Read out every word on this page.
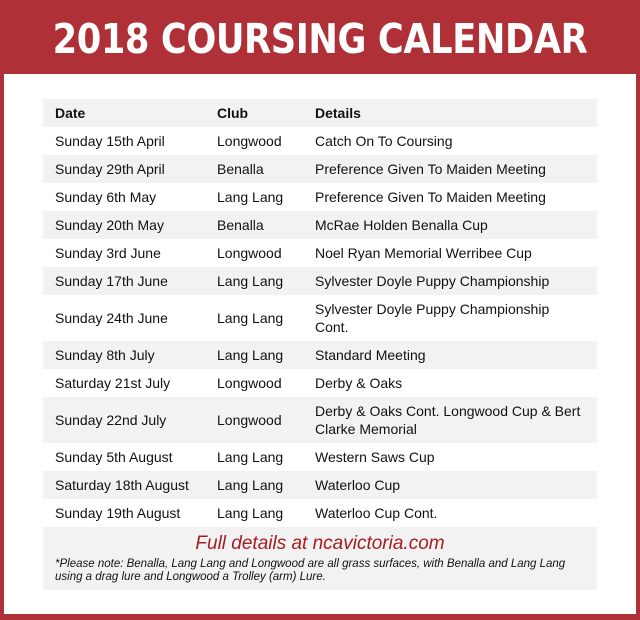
2018 COURSING CALENDAR
Date	Club	Details
Sunday 15th April	Longwood	Catch On To Coursing
Sunday 29th April	Benalla	Preference Given To Maiden Meeting
Sunday 6th May	Lang Lang	Preference Given To Maiden Meeting
Sunday 20th May	Benalla	McRae Holden Benalla Cup
Sunday 3rd June	Longwood	Noel Ryan Memorial Werribee Cup
Sunday 17th June	Lang Lang	Sylvester Doyle Puppy Championship
Sunday 24th June	Lang Lang	Sylvester Doyle Puppy Championship Cont.
Sunday 8th July	Lang Lang	Standard Meeting
Saturday 21st July	Longwood	Derby & Oaks
Sunday 22nd July	Longwood	Derby & Oaks Cont. Longwood Cup & Bert Clarke Memorial
Sunday 5th August	Lang Lang	Western Saws Cup
Saturday 18th August	Lang Lang	Waterloo Cup
Sunday 19th August	Lang Lang	Waterloo Cup Cont.
Full details at ncavictoria.com
*Please note: Benalla, Lang Lang and Longwood are all grass surfaces, with Benalla and Lang Lang using a drag lure and Longwood a Trolley (arm) Lure.
